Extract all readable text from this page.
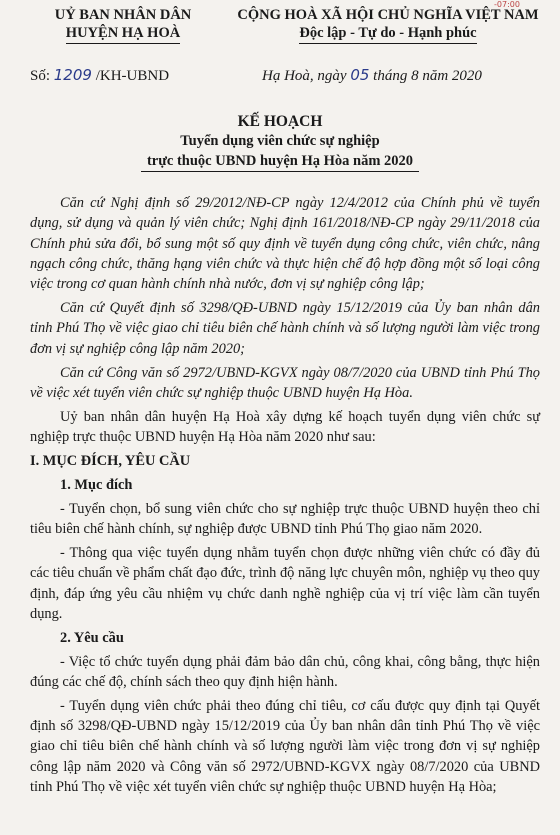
-07:00
UỶ BAN NHÂN DÂN
HUYỆN HẠ HOÀ
CỘNG HOÀ XÃ HỘI CHỦ NGHĨA VIỆT NAM
Độc lập - Tự do - Hạnh phúc
Số: 1209 /KH-UBND	Hạ Hoà, ngày 05 tháng 8 năm 2020
KẾ HOẠCH
Tuyển dụng viên chức sự nghiệp
trực thuộc UBND huyện Hạ Hòa năm 2020

Căn cứ Nghị định số 29/2012/NĐ-CP ngày 12/4/2012 của Chính phủ về tuyển dụng, sử dụng và quản lý viên chức; Nghị định 161/2018/NĐ-CP ngày 29/11/2018 của Chính phủ sửa đổi, bổ sung một số quy định về tuyển dụng công chức, viên chức, nâng ngạch công chức, thăng hạng viên chức và thực hiện chế độ hợp đồng một số loại công việc trong cơ quan hành chính nhà nước, đơn vị sự nghiệp công lập;

Căn cứ Quyết định số 3298/QĐ-UBND ngày 15/12/2019 của Ủy ban nhân dân tỉnh Phú Thọ về việc giao chỉ tiêu biên chế hành chính và số lượng người làm việc trong đơn vị sự nghiệp công lập năm 2020;

Căn cứ Công văn số 2972/UBND-KGVX ngày 08/7/2020 của UBND tỉnh Phú Thọ về việc xét tuyển viên chức sự nghiệp thuộc UBND huyện Hạ Hòa.

Uỷ ban nhân dân huyện Hạ Hoà xây dựng kế hoạch tuyển dụng viên chức sự nghiệp trực thuộc UBND huyện Hạ Hòa năm 2020 như sau:

I. MỤC ĐÍCH, YÊU CẦU

1. Mục đích

- Tuyển chọn, bổ sung viên chức cho sự nghiệp trực thuộc UBND huyện theo chỉ tiêu biên chế hành chính, sự nghiệp được UBND tỉnh Phú Thọ giao năm 2020.

- Thông qua việc tuyển dụng nhằm tuyển chọn được những viên chức có đầy đủ các tiêu chuẩn về phẩm chất đạo đức, trình độ năng lực chuyên môn, nghiệp vụ theo quy định, đáp ứng yêu cầu nhiệm vụ chức danh nghề nghiệp của vị trí việc làm cần tuyển dụng.

2. Yêu cầu

- Việc tổ chức tuyển dụng phải đảm bảo dân chủ, công khai, công bằng, thực hiện đúng các chế độ, chính sách theo quy định hiện hành.

- Tuyển dụng viên chức phải theo đúng chỉ tiêu, cơ cấu được quy định tại Quyết định số 3298/QĐ-UBND ngày 15/12/2019 của Ủy ban nhân dân tỉnh Phú Thọ về việc giao chỉ tiêu biên chế hành chính và số lượng người làm việc trong đơn vị sự nghiệp công lập năm 2020 và Công văn số 2972/UBND-KGVX ngày 08/7/2020 của UBND tỉnh Phú Thọ về việc xét tuyển viên chức sự nghiệp thuộc UBND huyện Hạ Hòa;
